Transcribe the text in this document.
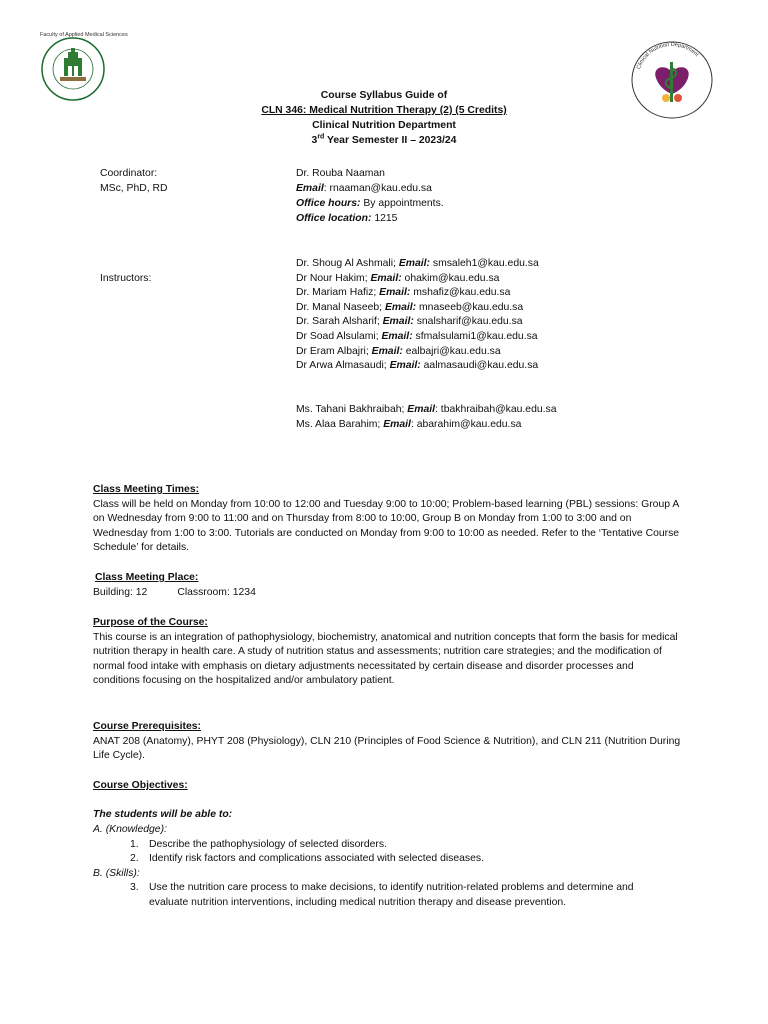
Faculty of Applied Medical Sciences
Clinical Nutrition Department
Course Syllabus Guide of
CLN 346: Medical Nutrition Therapy (2) (5 Credits)
Clinical Nutrition Department
3rd Year Semester II – 2023/24
Coordinator:
MSc, PhD, RD
Dr. Rouba Naaman
Email: rnaaman@kau.edu.sa
Office hours: By appointments.
Office location: 1215
Instructors:
Dr. Shoug Al Ashmali; Email: smsaleh1@kau.edu.sa
Dr Nour Hakim; Email: ohakim@kau.edu.sa
Dr. Mariam Hafiz; Email: mshafiz@kau.edu.sa
Dr. Manal Naseeb; Email: mnaseeb@kau.edu.sa
Dr. Sarah Alsharif; Email: snalsharif@kau.edu.sa
Dr Soad Alsulami; Email: sfmalsulami1@kau.edu.sa
Dr Eram Albajri; Email: ealbajri@kau.edu.sa
Dr Arwa Almasaudi; Email: aalmasaudi@kau.edu.sa
Ms. Tahani Bakhraibah; Email: tbakhraibah@kau.edu.sa
Ms. Alaa Barahim; Email: abarahim@kau.edu.sa

Class Meeting Times:

Class will be held on Monday from 10:00 to 12:00 and Tuesday 9:00 to 10:00; Problem-based learning (PBL) sessions: Group A on Wednesday from 9:00 to 11:00 and on Thursday from 8:00 to 10:00, Group B on Monday from 1:00 to 3:00 and on Wednesday from 1:00 to 3:00. Tutorials are conducted on Monday from 9:00 to 10:00 as needed. Refer to the ‘Tentative Course Schedule’ for details.

Class Meeting Place:

Building: 12	Classroom: 1234

Purpose of the Course:

This course is an integration of pathophysiology, biochemistry, anatomical and nutrition concepts that form the basis for medical nutrition therapy in health care. A study of nutrition status and assessments; nutrition care strategies; and the modification of normal food intake with emphasis on dietary adjustments necessitated by certain disease and disorder processes and conditions focusing on the hospitalized and/or ambulatory patient.

Course Prerequisites:

ANAT 208 (Anatomy), PHYT 208 (Physiology), CLN 210 (Principles of Food Science & Nutrition), and CLN 211 (Nutrition During Life Cycle).

Course Objectives:

The students will be able to:

A. (Knowledge):

1. Describe the pathophysiology of selected disorders.
2. Identify risk factors and complications associated with selected diseases.

B. (Skills):

3. Use the nutrition care process to make decisions, to identify nutrition-related problems and determine and evaluate nutrition interventions, including medical nutrition therapy and disease prevention.
